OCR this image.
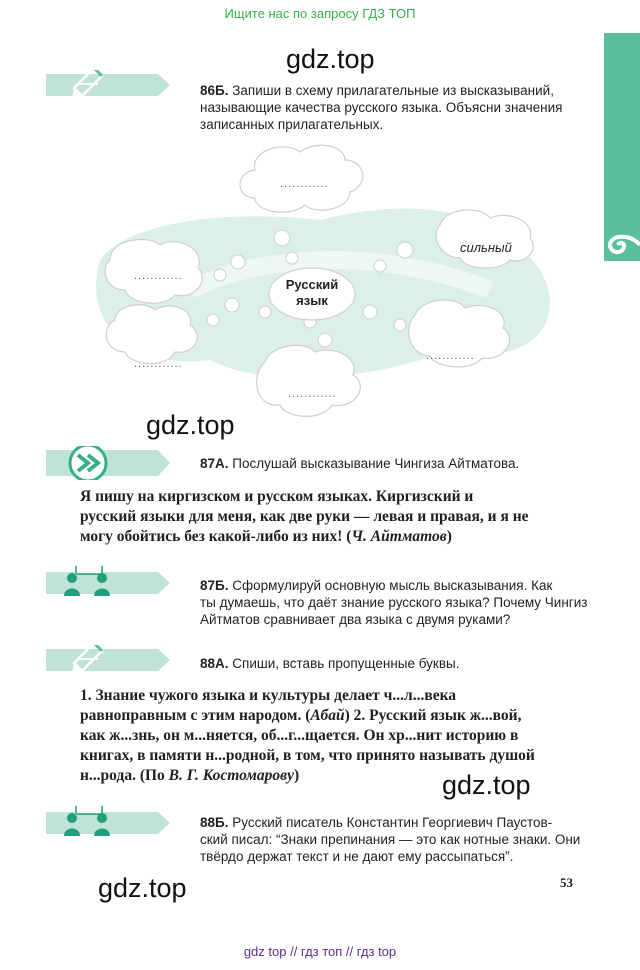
Ищите нас по запросу ГДЗ ТОП
gdz.top
gdz.top
gdz.top
gdz.top
86Б. Запиши в схему прилагательные из высказываний,
называющие качества русского языка. Объясни значения
записанных прилагательных.
Русский
язык
сильный
............
............
............
............
............
87А. Послушай высказывание Чингиза Айтматова.
Я пишу на киргизском и русском языках. Киргизский и
русский языки для меня, как две руки — левая и правая, и я не
могу обойтись без какой-либо из них! (Ч. Айтматов)
87Б. Сформулируй основную мысль высказывания. Как
ты думаешь, что даёт знание русского языка? Почему Чингиз
Айтматов сравнивает два языка с двумя руками?
88А. Спиши, вставь пропущенные буквы.
1. Знание чужого языка и культуры делает ч...л...века
равноправным с этим народом. (Абай) 2. Русский язык ж...вой,
как ж...знь, он м...няется, об...г...щается. Он хр...нит историю в
книгах, в памяти н...родной, в том, что принято называть душой
н...рода. (По В. Г. Костомарову)
88Б. Русский писатель Константин Георгиевич Паустов-
ский писал: “Знаки препинания — это как нотные знаки. Они
твёрдо держат текст и не дают ему рассыпаться”.
53
gdz top // гдз топ // гдз top
